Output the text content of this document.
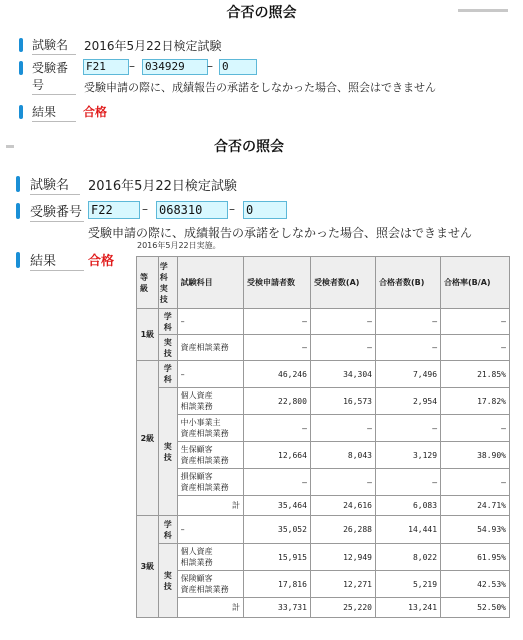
合否の照会
試験名	2016年5月22日検定試験
受験番号
F21	– 034929	– 0
受験申請の際に、成績報告の承諾をしなかった場合、照会はできません
結果	合格
合否の照会
試験名	2016年5月22日検定試験
受験番号 F22	– 068310	– 0
受験申請の際に、成績報告の承諾をしなかった場合、照会はできません
2016年5月22日実施。
結果	合格
等級	学科実技	試験科目	受検申請者数	受検者数(A)	合格者数(B)	合格率(B/A)
1級	学科	–	–	–	–	–
	実技	資産相談業務	–	–	–	–
2級	学科	–	46,246	34,304	7,496	21.85%
	実技	個人資産
相談業務	22,800	16,573	2,954	17.82%
		中小事業主
資産相談業務	–	–	–	–
		生保顧客
資産相談業務	12,664	8,043	3,129	38.90%
		損保顧客
資産相談業務	–	–	–	–
		計	35,464	24,616	6,083	24.71%
3級	学科	–	35,052	26,288	14,441	54.93%
	実技	個人資産
相談業務	15,915	12,949	8,022	61.95%
		保険顧客
資産相談業務	17,816	12,271	5,219	42.53%
		計	33,731	25,220	13,241	52.50%
